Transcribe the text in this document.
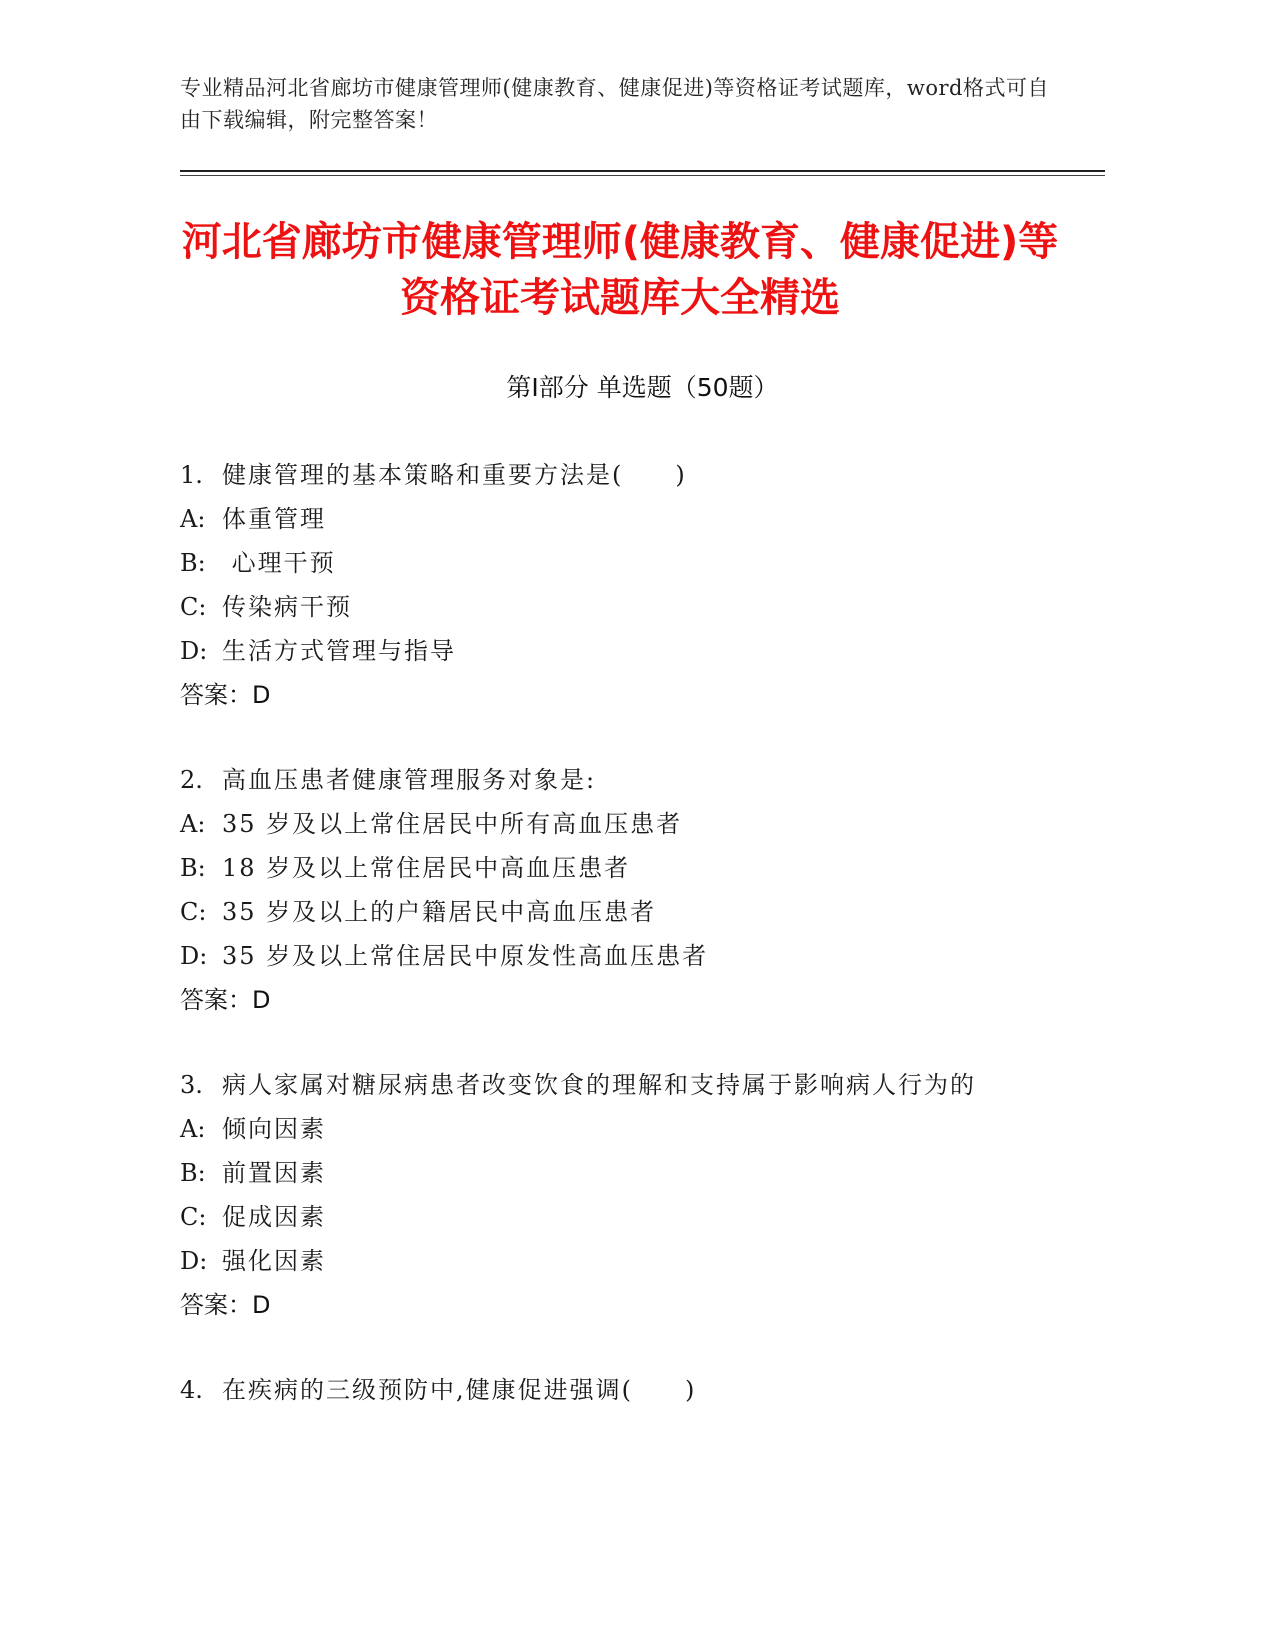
专业精品河北省廊坊市健康管理师(健康教育、健康促进)等资格证考试题库，word格式可自由下载编辑，附完整答案！
河北省廊坊市健康管理师(健康教育、健康促进)等资格证考试题库大全精选
第Ⅰ部分 单选题（50题）
1. 健康管理的基本策略和重要方法是(　　)
A: 体重管理
B: 心理干预
C: 传染病干预
D: 生活方式管理与指导
答案：D
2. 高血压患者健康管理服务对象是:
A: 35 岁及以上常住居民中所有高血压患者
B: 18 岁及以上常住居民中高血压患者
C: 35 岁及以上的户籍居民中高血压患者
D: 35 岁及以上常住居民中原发性高血压患者
答案：D
3. 病人家属对糖尿病患者改变饮食的理解和支持属于影响病人行为的
A: 倾向因素
B: 前置因素
C: 促成因素
D: 强化因素
答案：D
4. 在疾病的三级预防中,健康促进强调(　　)
